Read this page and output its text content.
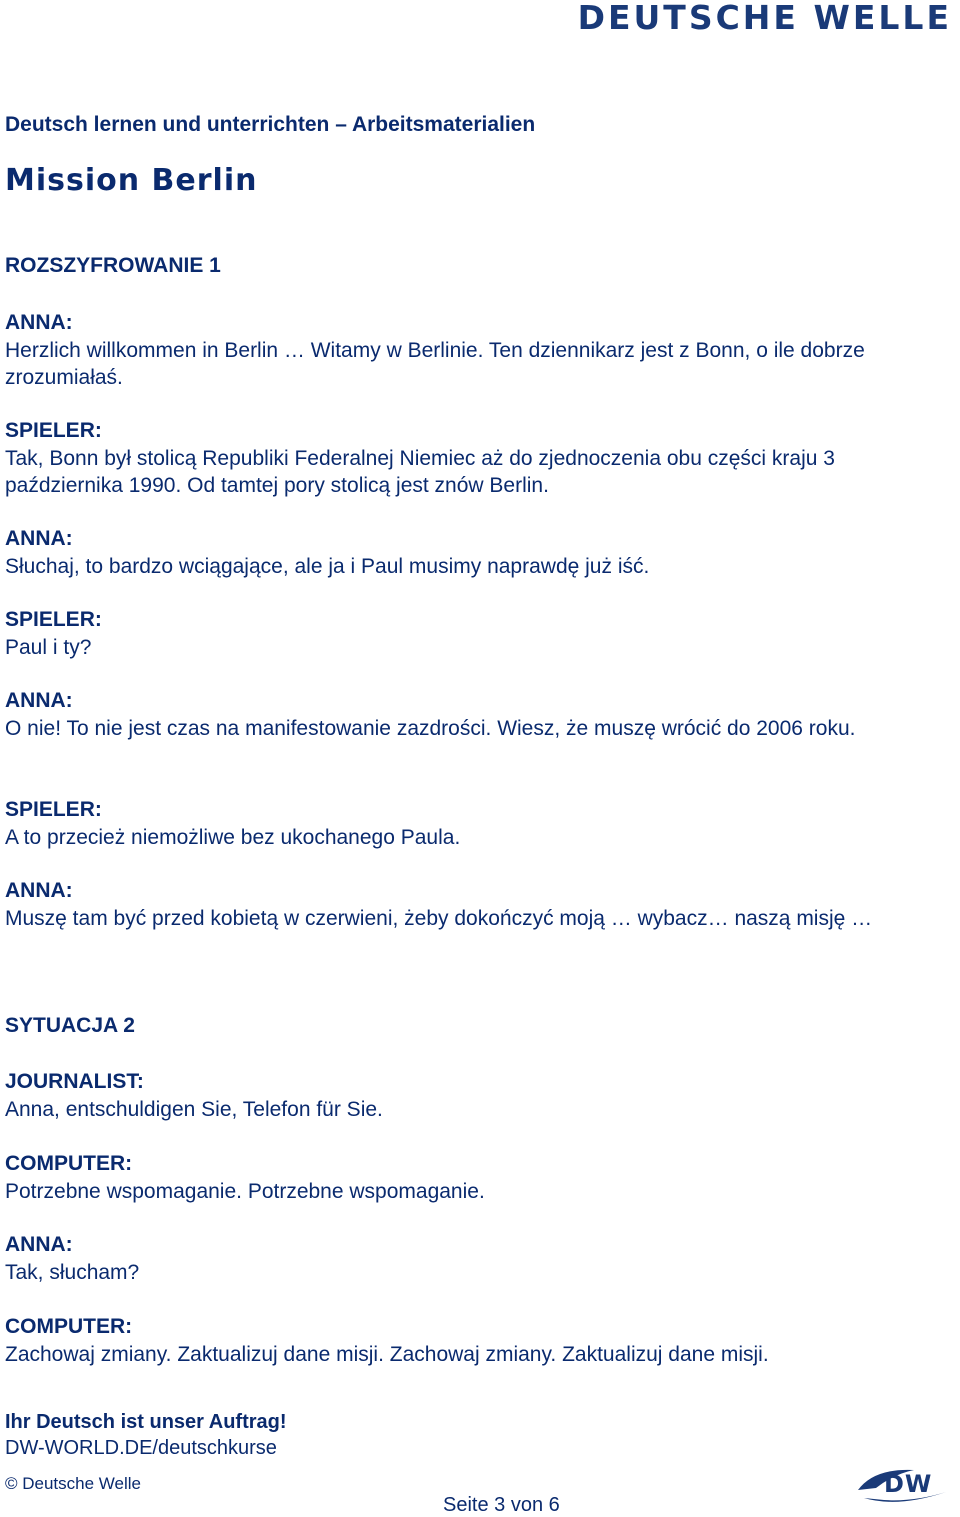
DEUTSCHE WELLE
Deutsch lernen und unterrichten – Arbeitsmaterialien
Mission Berlin
ROZSZYFROWANIE 1
ANNA:
Herzlich willkommen in Berlin … Witamy w Berlinie. Ten dziennikarz jest z Bonn, o ile dobrze zrozumiałaś.
SPIELER:
Tak, Bonn był stolicą Republiki Federalnej Niemiec aż do zjednoczenia obu części kraju 3 października 1990. Od tamtej pory stolicą jest znów Berlin.
ANNA:
Słuchaj, to bardzo wciągające, ale ja i Paul musimy naprawdę już iść.
SPIELER:
Paul i ty?
ANNA:
O nie! To nie jest czas na manifestowanie zazdrości. Wiesz, że muszę wrócić do 2006 roku.
SPIELER:
A to przecież niemożliwe bez ukochanego Paula.
ANNA:
Muszę tam być przed kobietą w czerwieni, żeby dokończyć moją … wybacz… naszą misję …
SYTUACJA 2
JOURNALIST:
Anna, entschuldigen Sie, Telefon für Sie.
COMPUTER:
Potrzebne wspomaganie. Potrzebne wspomaganie.
ANNA:
Tak, słucham?
COMPUTER:
Zachowaj zmiany. Zaktualizuj dane misji. Zachowaj zmiany. Zaktualizuj dane misji.
Ihr Deutsch ist unser Auftrag!
DW-WORLD.DE/deutschkurse
© Deutsche Welle
Seite 3 von 6
DW
